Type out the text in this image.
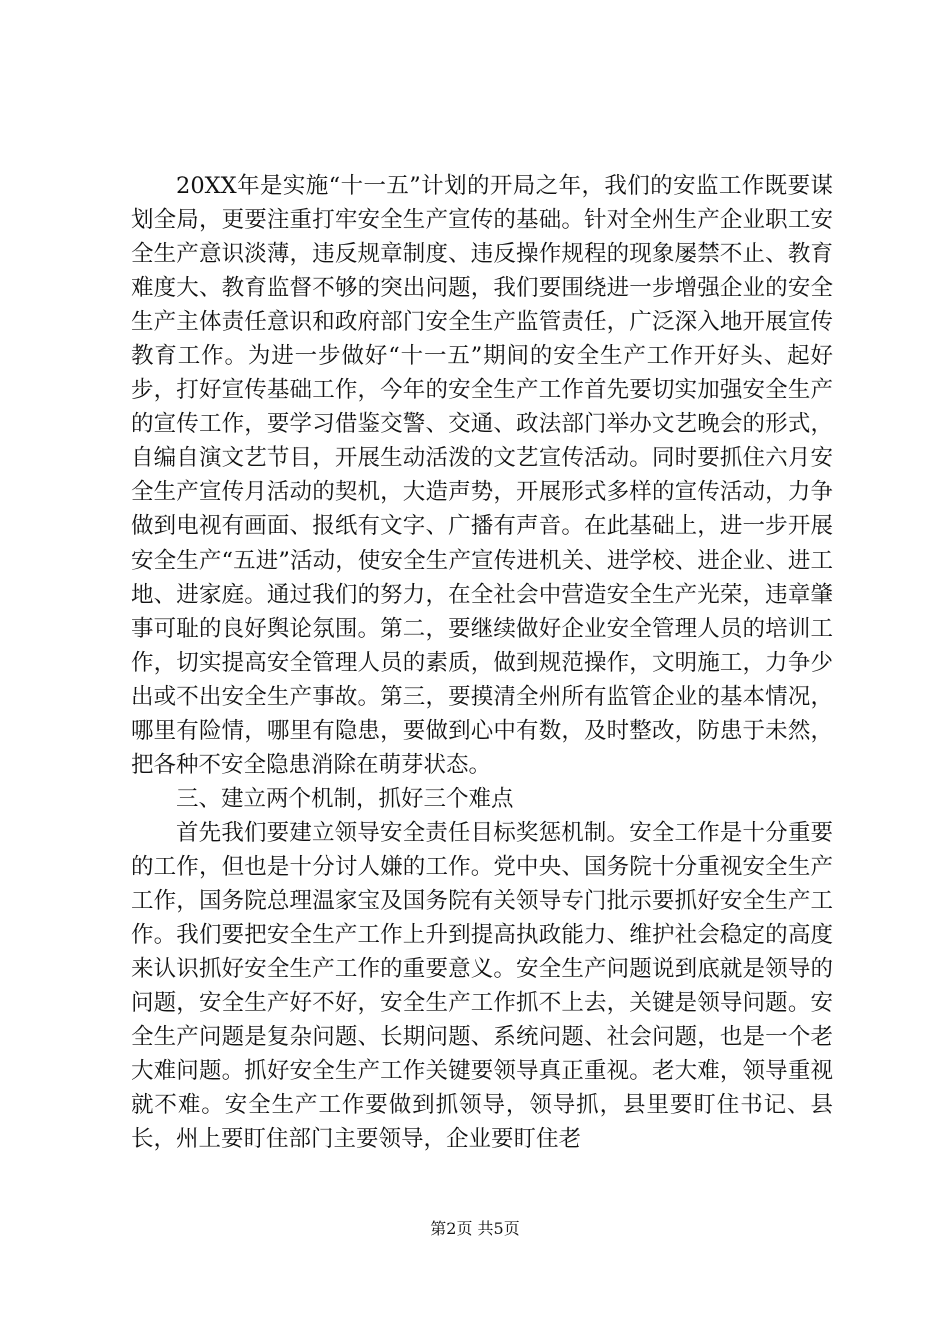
20XX年是实施“十一五”计划的开局之年，我们的安监工作既要谋划全局，更要注重打牢安全生产宣传的基础。针对全州生产企业职工安全生产意识淡薄，违反规章制度、违反操作规程的现象屡禁不止、教育难度大、教育监督不够的突出问题，我们要围绕进一步增强企业的安全生产主体责任意识和政府部门安全生产监管责任，广泛深入地开展宣传教育工作。为进一步做好“十一五”期间的安全生产工作开好头、起好步，打好宣传基础工作，今年的安全生产工作首先要切实加强安全生产的宣传工作，要学习借鉴交警、交通、政法部门举办文艺晚会的形式，自编自演文艺节目，开展生动活泼的文艺宣传活动。同时要抓住六月安全生产宣传月活动的契机，大造声势，开展形式多样的宣传活动，力争做到电视有画面、报纸有文字、广播有声音。在此基础上，进一步开展安全生产“五进”活动，使安全生产宣传进机关、进学校、进企业、进工地、进家庭。通过我们的努力，在全社会中营造安全生产光荣，违章肇事可耻的良好舆论氛围。第二，要继续做好企业安全管理人员的培训工作，切实提高安全管理人员的素质，做到规范操作，文明施工，力争少出或不出安全生产事故。第三，要摸清全州所有监管企业的基本情况，哪里有险情，哪里有隐患，要做到心中有数，及时整改，防患于未然，把各种不安全隐患消除在萌芽状态。

三、建立两个机制，抓好三个难点

首先我们要建立领导安全责任目标奖惩机制。安全工作是十分重要的工作，但也是十分讨人嫌的工作。党中央、国务院十分重视安全生产工作，国务院总理温家宝及国务院有关领导专门批示要抓好安全生产工作。我们要把安全生产工作上升到提高执政能力、维护社会稳定的高度来认识抓好安全生产工作的重要意义。安全生产问题说到底就是领导的问题，安全生产好不好，安全生产工作抓不上去，关键是领导问题。安全生产问题是复杂问题、长期问题、系统问题、社会问题，也是一个老大难问题。抓好安全生产工作关键要领导真正重视。老大难，领导重视就不难。安全生产工作要做到抓领导，领导抓，县里要盯住书记、县长，州上要盯住部门主要领导，企业要盯住老

第2页 共5页
